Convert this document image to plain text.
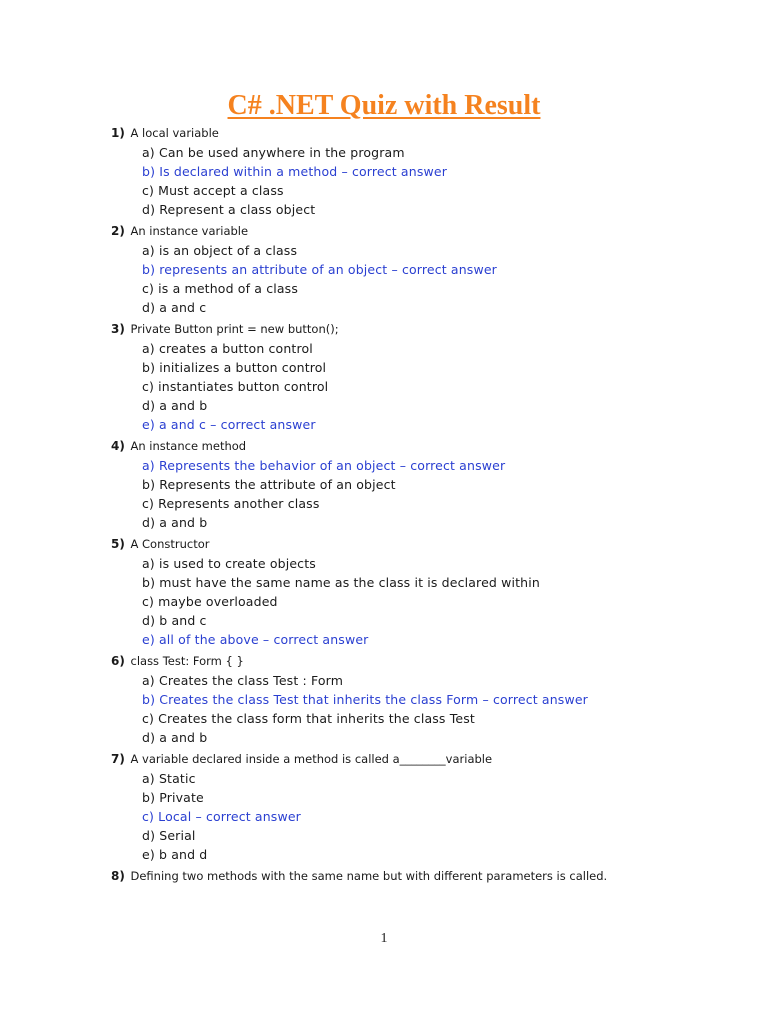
C# .NET Quiz with Result
1) A local variable
a) Can be used anywhere in the program
b) Is declared within a method – correct answer
c) Must accept a class
d) Represent a class object
2) An instance variable
a) is an object of a class
b) represents an attribute of an object – correct answer
c) is a method of a class
d) a and c
3) Private Button print = new button();
a) creates a button control
b) initializes a button control
c) instantiates button control
d) a and b
e) a and c – correct answer
4) An instance method
a) Represents the behavior of an object – correct answer
b) Represents the attribute of an object
c) Represents another class
d) a and b
5) A Constructor
a) is used to create objects
b) must have the same name as the class it is declared within
c) maybe overloaded
d) b and c
e) all of the above – correct answer
6) class Test: Form { }
a) Creates the class Test : Form
b) Creates the class Test that inherits the class Form – correct answer
c) Creates the class form that inherits the class Test
d) a and b
7) A variable declared inside a method is called a________variable
a) Static
b) Private
c) Local – correct answer
d) Serial
e) b and d
8) Defining two methods with the same name but with different parameters is called.
1
